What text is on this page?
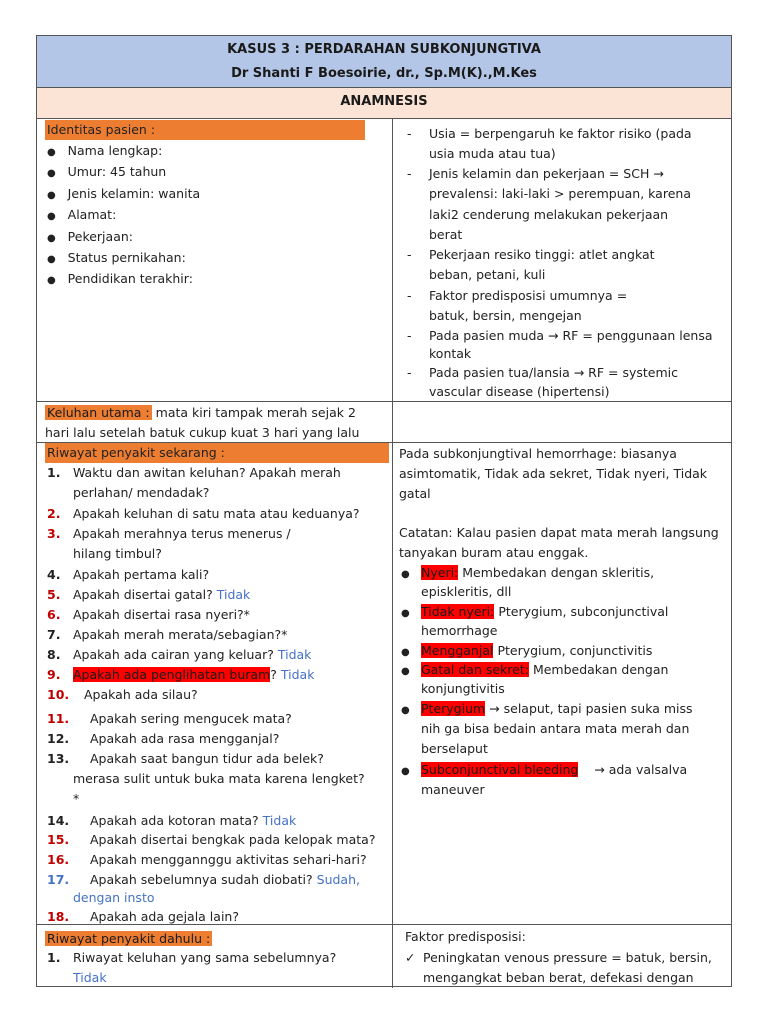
KASUS 3 : PERDARAHAN SUBKONJUNGTIVA
Dr Shanti F Boesoirie, dr., Sp.M(K).,M.Kes
ANAMNESIS
Identitas pasien :
● Nama lengkap:
● Umur: 45 tahun
● Jenis kelamin: wanita
● Alamat:
● Pekerjaan:
● Status pernikahan:
● Pendidikan terakhir:
- Usia = berpengaruh ke faktor risiko (pada
usia muda atau tua)
- Jenis kelamin dan pekerjaan = SCH →
prevalensi: laki-laki > perempuan, karena
laki2 cenderung melakukan pekerjaan
berat
- Pekerjaan resiko tinggi: atlet angkat
beban, petani, kuli
- Faktor predisposisi umumnya =
batuk, bersin, mengejan
- Pada pasien muda → RF = penggunaan lensa
kontak
- Pada pasien tua/lansia → RF = systemic
vascular disease (hipertensi)
Keluhan utama : mata kiri tampak merah sejak 2
hari lalu setelah batuk cukup kuat 3 hari yang lalu
Riwayat penyakit sekarang :
1. Waktu dan awitan keluhan? Apakah merah
perlahan/ mendadak?
2. Apakah keluhan di satu mata atau keduanya?
3. Apakah merahnya terus menerus /
hilang timbul?
4. Apakah pertama kali?
5. Apakah disertai gatal? Tidak
6. Apakah disertai rasa nyeri?*
7. Apakah merah merata/sebagian?*
8. Apakah ada cairan yang keluar? Tidak
9. Apakah ada penglihatan buram? Tidak
10. Apakah ada silau?
11. Apakah sering mengucek mata?
12. Apakah ada rasa mengganjal?
13. Apakah saat bangun tidur ada belek?
merasa sulit untuk buka mata karena lengket?
*
14. Apakah ada kotoran mata? Tidak
15. Apakah disertai bengkak pada kelopak mata?
16. Apakah menggannggu aktivitas sehari-hari?
17. Apakah sebelumnya sudah diobati? Sudah,
dengan insto
18. Apakah ada gejala lain?
Pada subkonjungtival hemorrhage: biasanya
asimtomatik, Tidak ada sekret, Tidak nyeri, Tidak
gatal
Catatan: Kalau pasien dapat mata merah langsung
tanyakan buram atau enggak.
● Nyeri: Membedakan dengan skleritis,
episkleritis, dll
● Tidak nyeri: Pterygium, subconjunctival
hemorrhage
● Mengganjal Pterygium, conjunctivitis
● Gatal dan sekret: Membedakan dengan
konjungtivitis
● Pterygium → selaput, tapi pasien suka miss
nih ga bisa bedain antara mata merah dan
berselaput
● Subconjunctival bleeding → ada valsalva
maneuver
Riwayat penyakit dahulu :
1. Riwayat keluhan yang sama sebelumnya?
Tidak
Faktor predisposisi:
✓ Peningkatan venous pressure = batuk, bersin,
mengangkat beban berat, defekasi dengan
